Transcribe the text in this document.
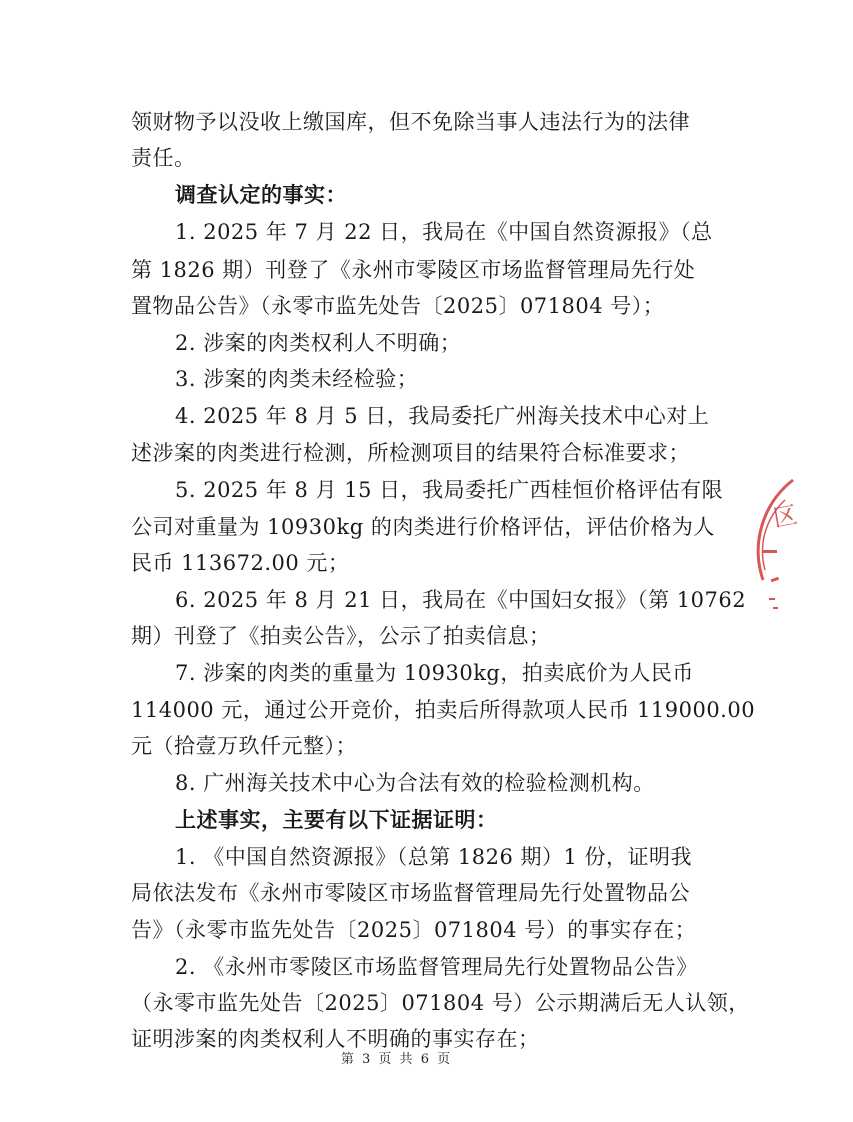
领财物予以没收上缴国库，但不免除当事人违法行为的法律
责任。
调查认定的事实：
1. 2025 年 7 月 22 日，我局在《中国自然资源报》（总
第 1826 期）刊登了《永州市零陵区市场监督管理局先行处
置物品公告》（永零市监先处告〔2025〕071804 号）；
2. 涉案的肉类权利人不明确；
3. 涉案的肉类未经检验；
4. 2025 年 8 月 5 日，我局委托广州海关技术中心对上
述涉案的肉类进行检测，所检测项目的结果符合标准要求；
5. 2025 年 8 月 15 日，我局委托广西桂恒价格评估有限
公司对重量为 10930kg 的肉类进行价格评估，评估价格为人
民币 113672.00 元；
6. 2025 年 8 月 21 日，我局在《中国妇女报》（第 10762
期）刊登了《拍卖公告》，公示了拍卖信息；
7. 涉案的肉类的重量为 10930kg，拍卖底价为人民币
114000 元，通过公开竞价，拍卖后所得款项人民币 119000.00
元（拾壹万玖仟元整）；
8. 广州海关技术中心为合法有效的检验检测机构。
上述事实，主要有以下证据证明：
1. 《中国自然资源报》（总第 1826 期）1 份，证明我
局依法发布《永州市零陵区市场监督管理局先行处置物品公
告》（永零市监先处告〔2025〕071804 号）的事实存在；
2. 《永州市零陵区市场监督管理局先行处置物品公告》
（永零市监先处告〔2025〕071804 号）公示期满后无人认领，
证明涉案的肉类权利人不明确的事实存在；
第 3 页 共 6 页
区
